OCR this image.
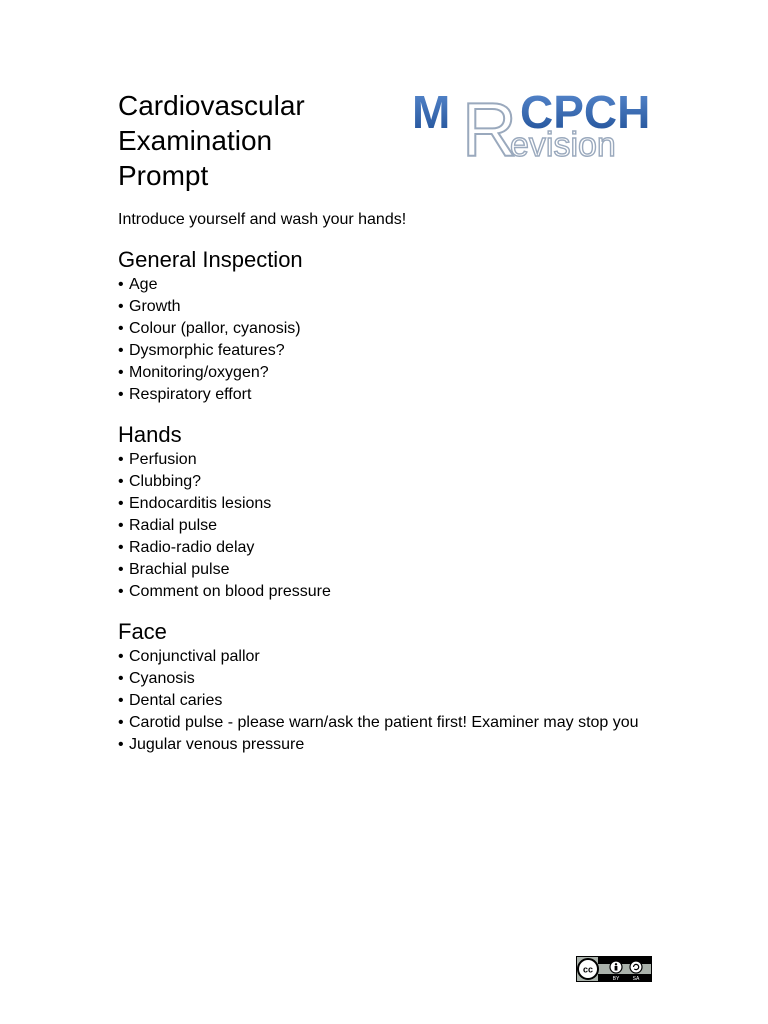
Cardiovascular
Examination
Prompt
M CPCH
R
evision

Introduce yourself and wash your hands!

General Inspection
• Age
• Growth
• Colour (pallor, cyanosis)
• Dysmorphic features?
• Monitoring/oxygen?
• Respiratory effort
Hands
• Perfusion
• Clubbing?
• Endocarditis lesions
• Radial pulse
• Radio-radio delay
• Brachial pulse
• Comment on blood pressure
Face
• Conjunctival pallor
• Cyanosis
• Dental caries
• Carotid pulse - please warn/ask the patient first! Examiner may stop you
• Jugular venous pressure
cc
BY	SA
